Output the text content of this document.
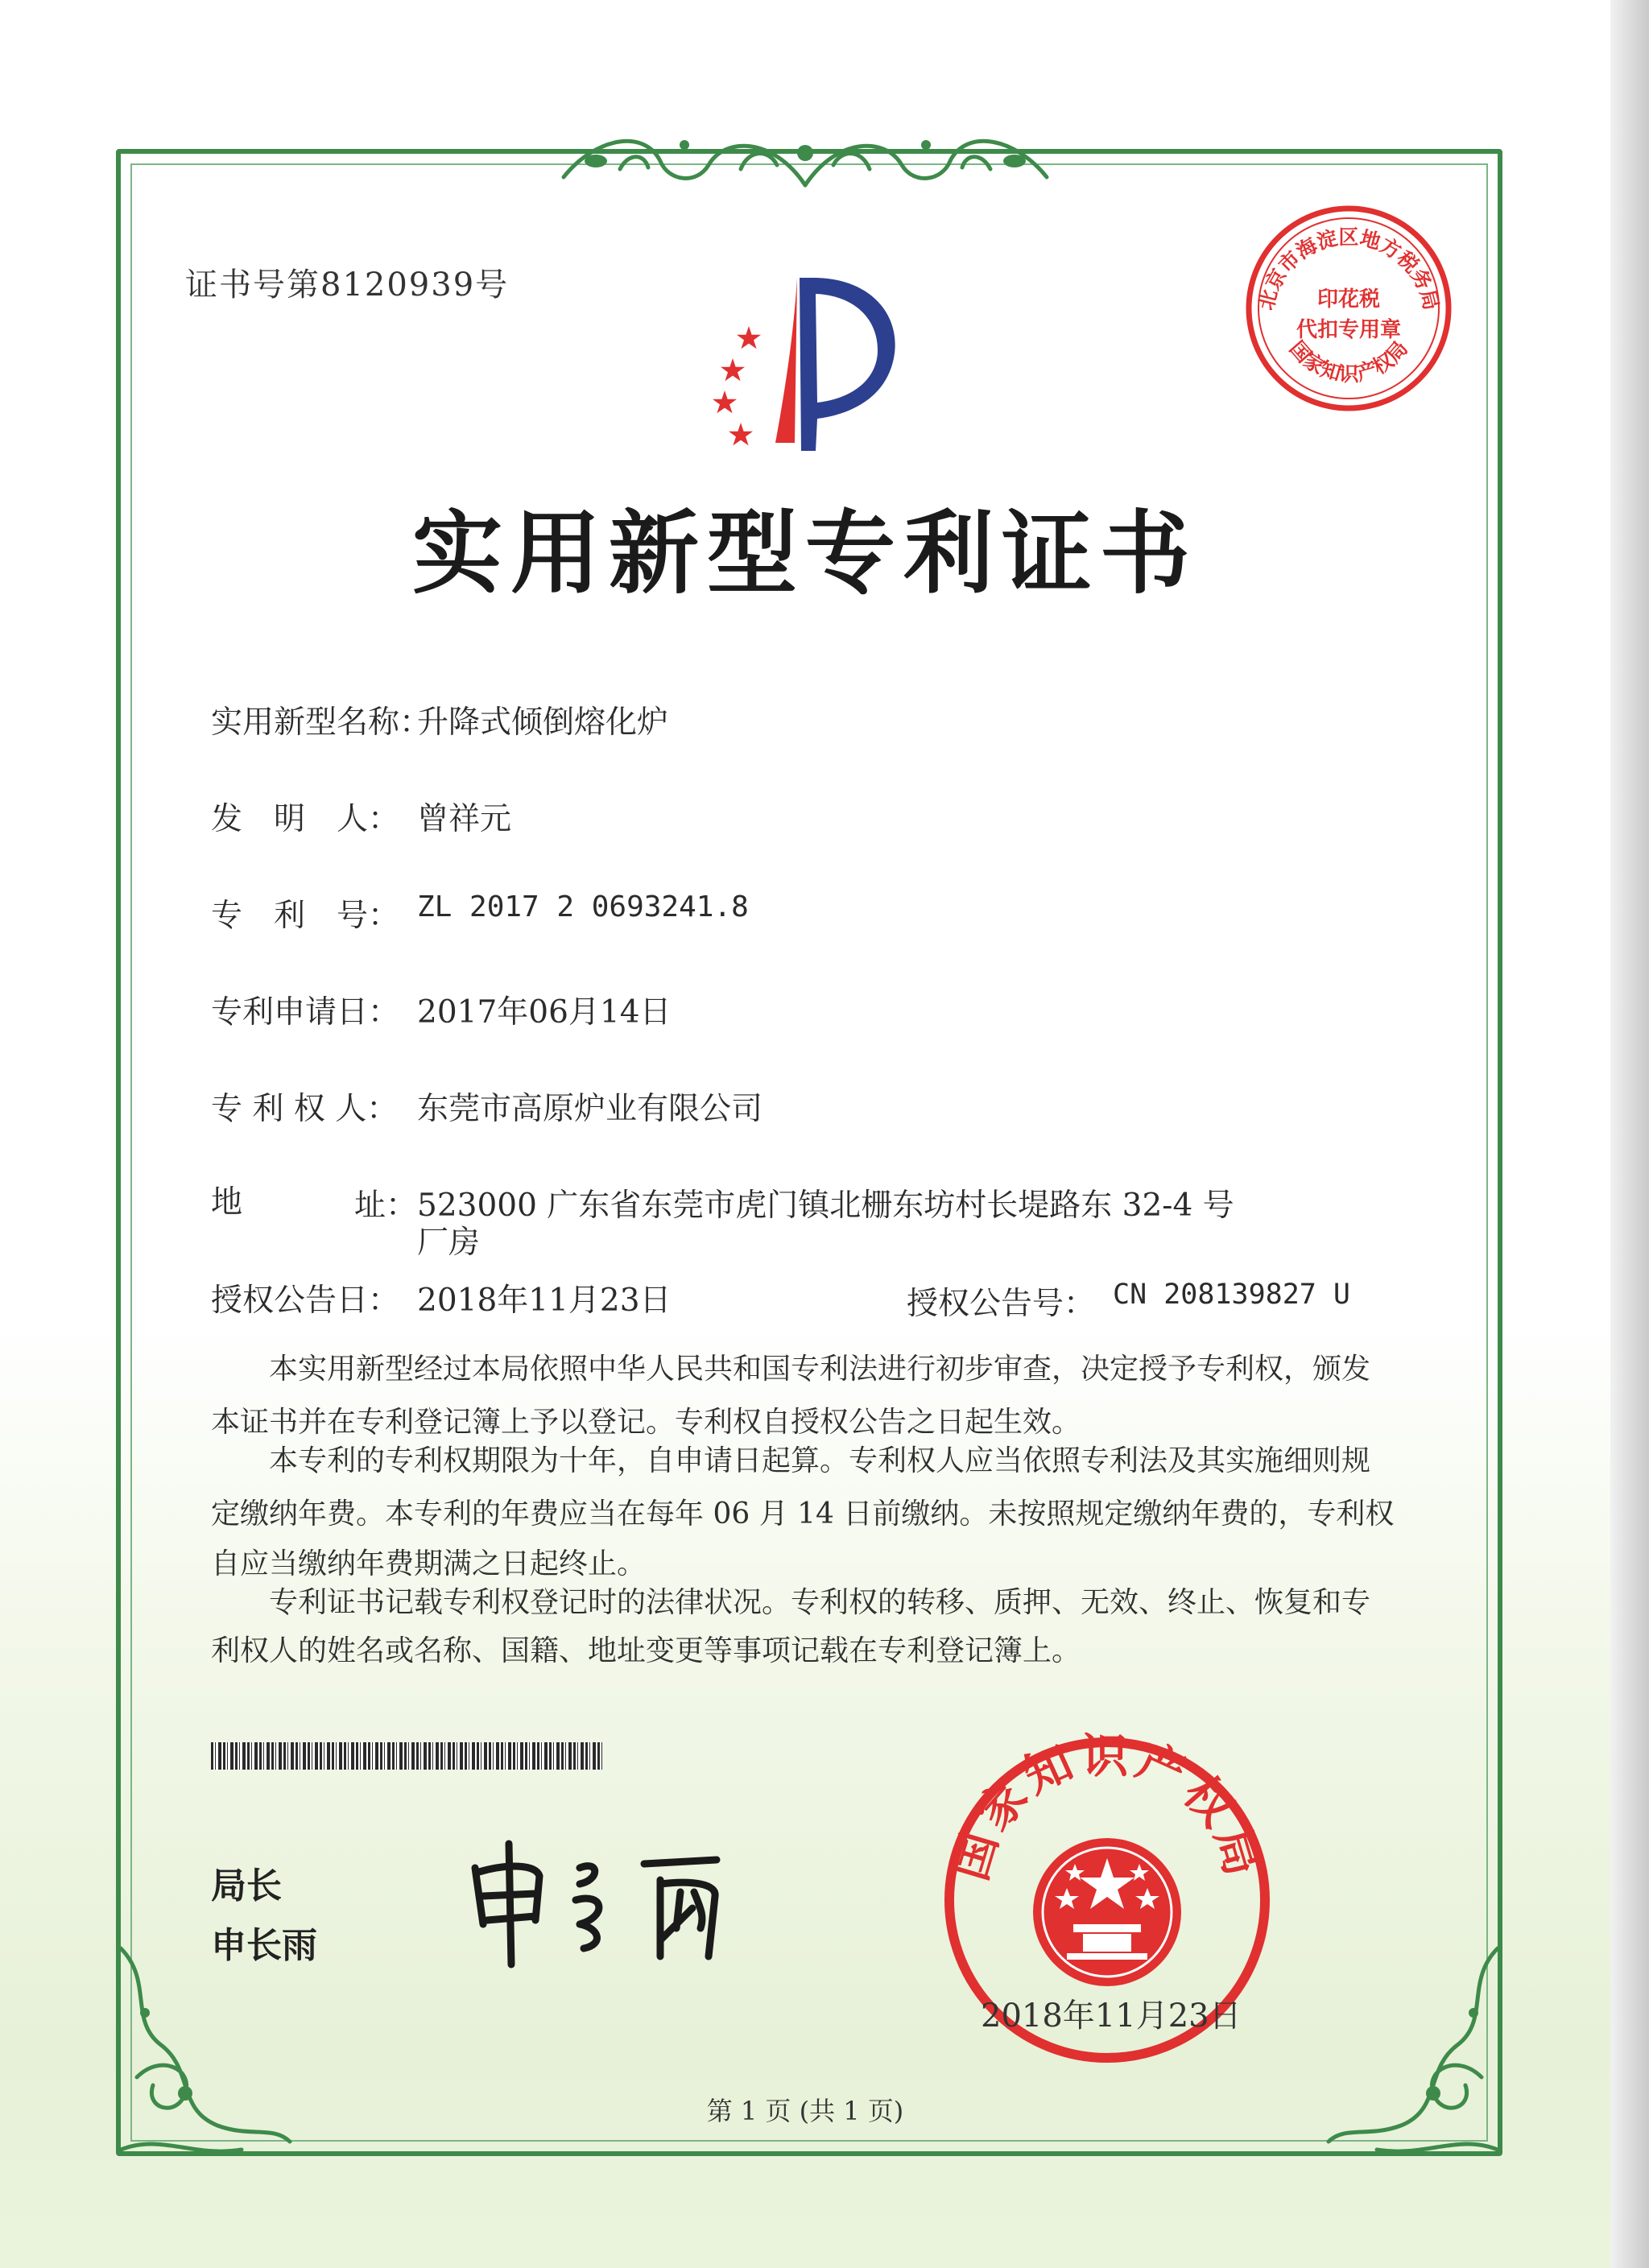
证书号第8120939号
实用新型专利证书
北京市海淀区地方税务局
国家知识产权局
印花税
代扣专用章
实用新型名称：
升降式倾倒熔化炉
发　明　人： 曾祥元
专　利　号： ZL 2017 2 0693241.8
专利申请日： 2017年06月14日
专 利 权 人： 东莞市高原炉业有限公司
地	址： 523000 广东省东莞市虎门镇北栅东坊村长堤路东 32-4 号
厂房
授权公告日： 2018年11月23日	授权公告号： CN 208139827 U
　　本实用新型经过本局依照中华人民共和国专利法进行初步审查，决定授予专利权，颁发
本证书并在专利登记簿上予以登记。专利权自授权公告之日起生效。
　　本专利的专利权期限为十年，自申请日起算。专利权人应当依照专利法及其实施细则规
定缴纳年费。本专利的年费应当在每年 06 月 14 日前缴纳。未按照规定缴纳年费的，专利权
自应当缴纳年费期满之日起终止。
　　专利证书记载专利权登记时的法律状况。专利权的转移、质押、无效、终止、恢复和专
利权人的姓名或名称、国籍、地址变更等事项记载在专利登记簿上。
局长
申长雨
国家知识产权局
2018年11月23日
第 1 页 (共 1 页)
